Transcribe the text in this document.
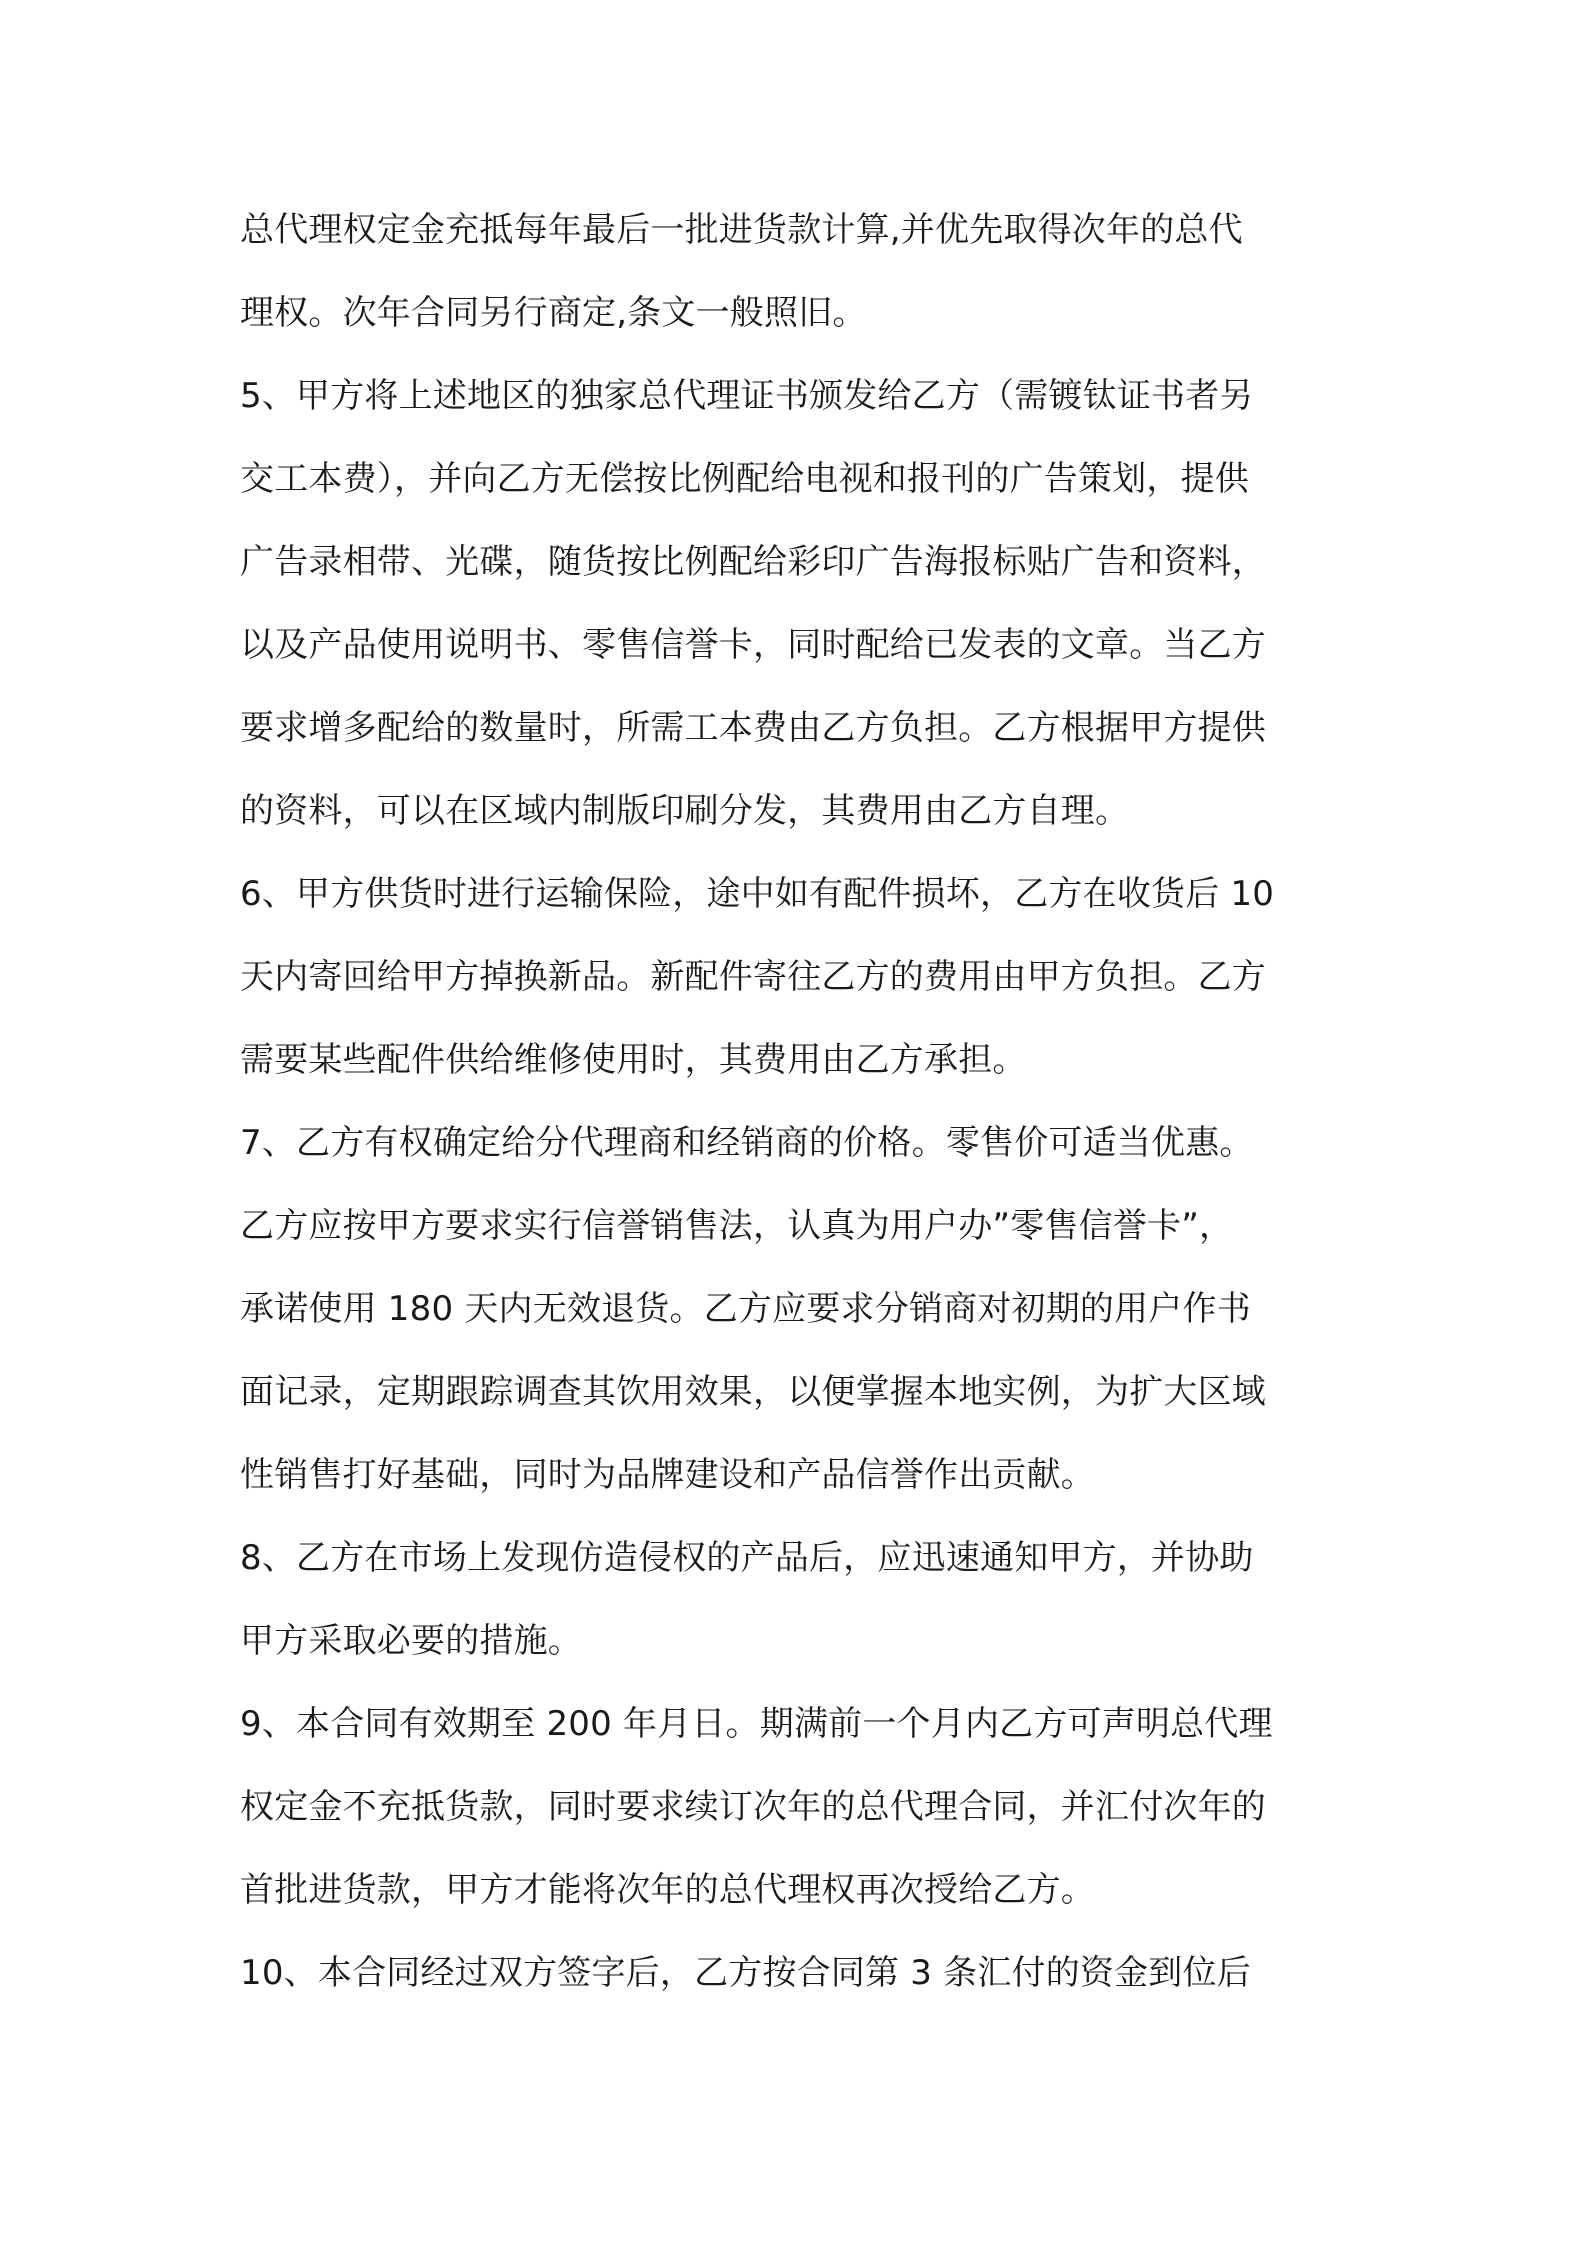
总代理权定金充抵每年最后一批进货款计算,并优先取得次年的总代
理权。次年合同另行商定,条文一般照旧。
5、甲方将上述地区的独家总代理证书颁发给乙方（需镀钛证书者另
交工本费），并向乙方无偿按比例配给电视和报刊的广告策划，提供
广告录相带、光碟，随货按比例配给彩印广告海报标贴广告和资料，
以及产品使用说明书、零售信誉卡，同时配给已发表的文章。当乙方
要求增多配给的数量时，所需工本费由乙方负担。乙方根据甲方提供
的资料，可以在区域内制版印刷分发，其费用由乙方自理。
6、甲方供货时进行运输保险，途中如有配件损坏，乙方在收货后 10
天内寄回给甲方掉换新品。新配件寄往乙方的费用由甲方负担。乙方
需要某些配件供给维修使用时，其费用由乙方承担。
7、乙方有权确定给分代理商和经销商的价格。零售价可适当优惠。
乙方应按甲方要求实行信誉销售法，认真为用户办”零售信誉卡”，
承诺使用 180 天内无效退货。乙方应要求分销商对初期的用户作书
面记录，定期跟踪调查其饮用效果，以便掌握本地实例，为扩大区域
性销售打好基础，同时为品牌建设和产品信誉作出贡献。
8、乙方在市场上发现仿造侵权的产品后，应迅速通知甲方，并协助
甲方采取必要的措施。
9、本合同有效期至 200 年月日。期满前一个月内乙方可声明总代理
权定金不充抵货款，同时要求续订次年的总代理合同，并汇付次年的
首批进货款，甲方才能将次年的总代理权再次授给乙方。
10、本合同经过双方签字后，乙方按合同第 3 条汇付的资金到位后
